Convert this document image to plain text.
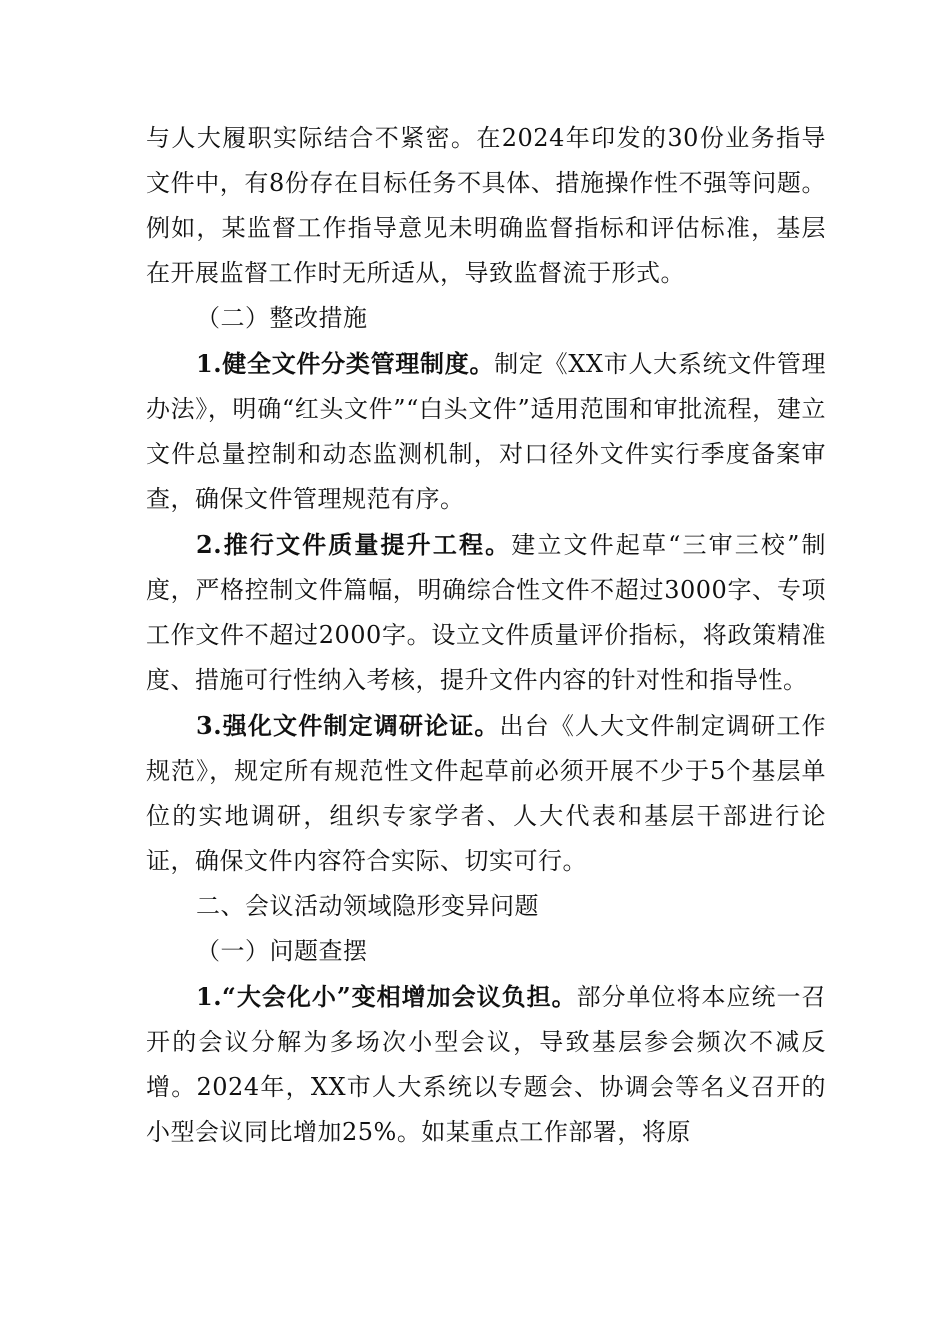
与人大履职实际结合不紧密。在2024年印发的30份业务指导文件中，有8份存在目标任务不具体、措施操作性不强等问题。例如，某监督工作指导意见未明确监督指标和评估标准，基层在开展监督工作时无所适从，导致监督流于形式。

（二）整改措施

1.健全文件分类管理制度。制定《XX市人大系统文件管理办法》，明确“红头文件”“白头文件”适用范围和审批流程，建立文件总量控制和动态监测机制，对口径外文件实行季度备案审查，确保文件管理规范有序。

2.推行文件质量提升工程。建立文件起草“三审三校”制度，严格控制文件篇幅，明确综合性文件不超过3000字、专项工作文件不超过2000字。设立文件质量评价指标，将政策精准度、措施可行性纳入考核，提升文件内容的针对性和指导性。

3.强化文件制定调研论证。出台《人大文件制定调研工作规范》，规定所有规范性文件起草前必须开展不少于5个基层单位的实地调研，组织专家学者、人大代表和基层干部进行论证，确保文件内容符合实际、切实可行。

二、会议活动领域隐形变异问题

（一）问题查摆

1.“大会化小”变相增加会议负担。部分单位将本应统一召开的会议分解为多场次小型会议，导致基层参会频次不减反增。2024年，XX市人大系统以专题会、协调会等名义召开的小型会议同比增加25%。如某重点工作部署，将原
